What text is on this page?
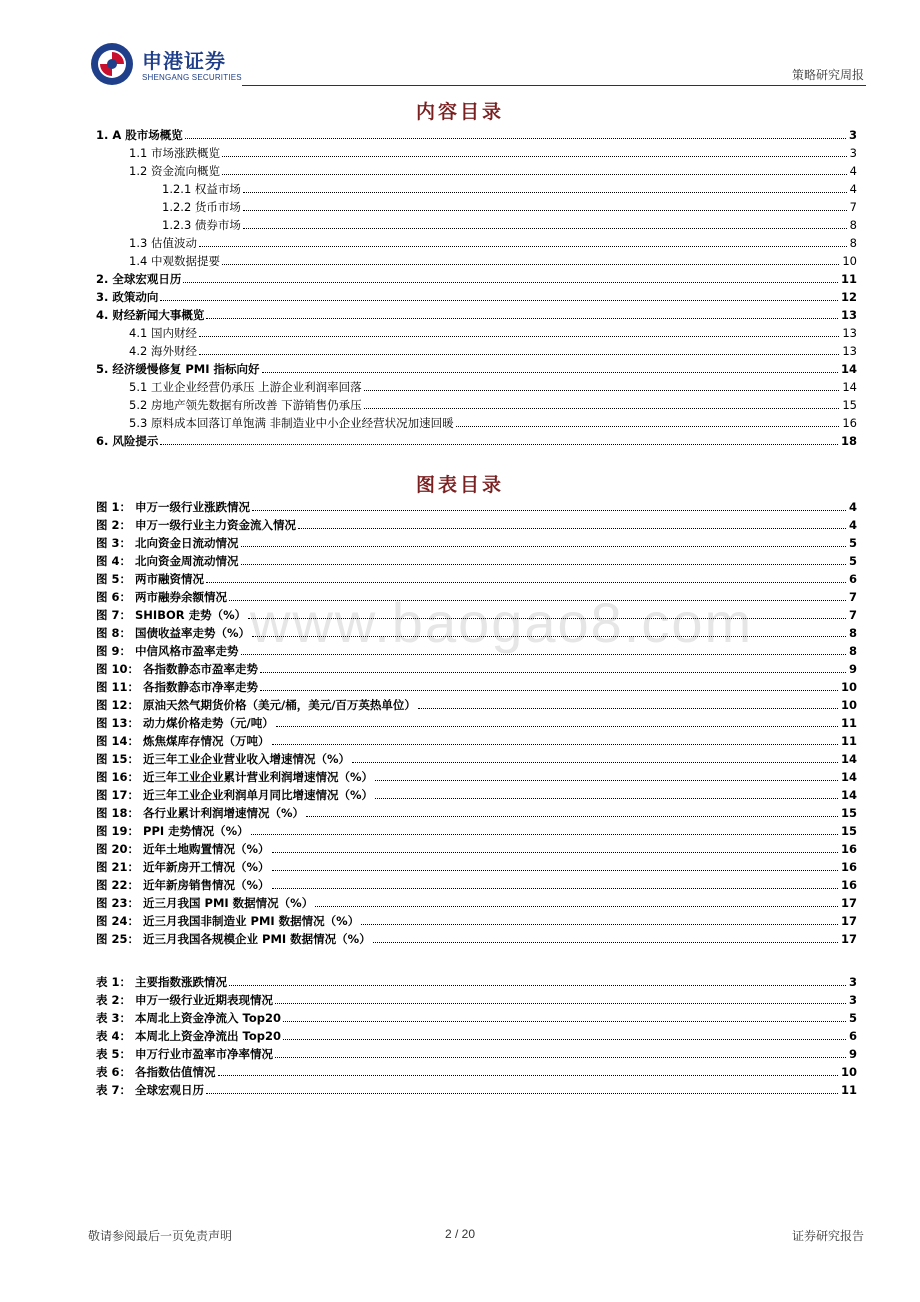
申港证券
SHENGANG SECURITIES	策略研究周报
www.baogao8.com
内容目录
1. A 股市场概览	3
1.1 市场涨跌概览	3
1.2 资金流向概览	4
1.2.1 权益市场	4
1.2.2 货币市场	7
1.2.3 债券市场	8
1.3 估值波动	8
1.4 中观数据提要	10
2. 全球宏观日历	11
3. 政策动向	12
4. 财经新闻大事概览	13
4.1 国内财经	13
4.2 海外财经	13
5. 经济缓慢修复 PMI 指标向好	14
5.1 工业企业经营仍承压 上游企业利润率回落	14
5.2 房地产领先数据有所改善 下游销售仍承压	15
5.3 原料成本回落订单饱满 非制造业中小企业经营状况加速回暖	16
6. 风险提示	18
图表目录
图 1： 申万一级行业涨跌情况	4
图 2： 申万一级行业主力资金流入情况	4
图 3： 北向资金日流动情况	5
图 4： 北向资金周流动情况	5
图 5： 两市融资情况	6
图 6： 两市融券余额情况	7
图 7： SHIBOR 走势（%）	7
图 8： 国债收益率走势（%）	8
图 9： 中信风格市盈率走势	8
图 10： 各指数静态市盈率走势	9
图 11： 各指数静态市净率走势	10
图 12： 原油天然气期货价格（美元/桶，美元/百万英热单位）	10
图 13： 动力煤价格走势（元/吨）	11
图 14： 炼焦煤库存情况（万吨）	11
图 15： 近三年工业企业营业收入增速情况（%）	14
图 16： 近三年工业企业累计营业利润增速情况（%）	14
图 17： 近三年工业企业利润单月同比增速情况（%）	14
图 18： 各行业累计利润增速情况（%）	15
图 19： PPI 走势情况（%）	15
图 20： 近年土地购置情况（%）	16
图 21： 近年新房开工情况（%）	16
图 22： 近年新房销售情况（%）	16
图 23： 近三月我国 PMI 数据情况（%）	17
图 24： 近三月我国非制造业 PMI 数据情况（%）	17
图 25： 近三月我国各规模企业 PMI 数据情况（%）	17
表 1： 主要指数涨跌情况	3
表 2： 申万一级行业近期表现情况	3
表 3： 本周北上资金净流入 Top20	5
表 4： 本周北上资金净流出 Top20	6
表 5： 申万行业市盈率市净率情况	9
表 6： 各指数估值情况	10
表 7： 全球宏观日历	11
敬请参阅最后一页免责声明	2 / 20	证券研究报告
